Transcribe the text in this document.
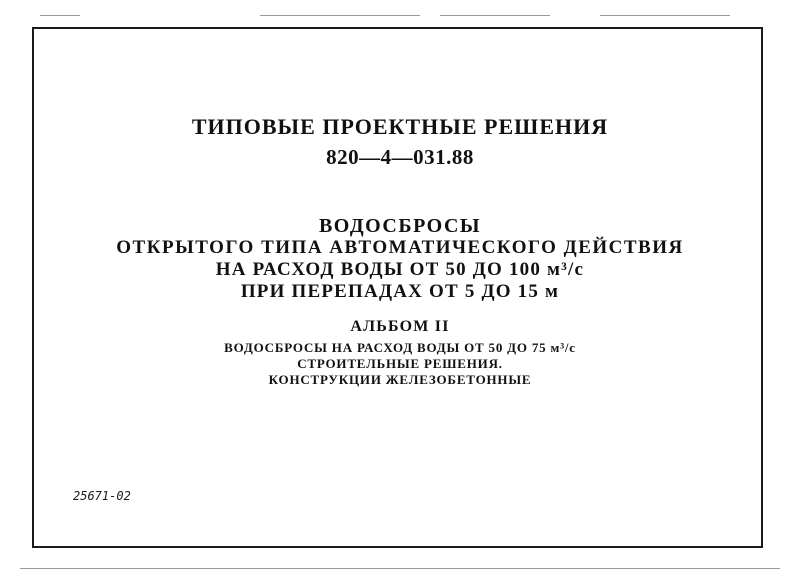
ТИПОВЫЕ ПРОЕКТНЫЕ РЕШЕНИЯ
820—4—031.88
ВОДОСБРОСЫ
ОТКРЫТОГО ТИПА АВТОМАТИЧЕСКОГО ДЕЙСТВИЯ
НА РАСХОД ВОДЫ ОТ 50 ДО 100 м³/с
ПРИ ПЕРЕПАДАХ ОТ 5 ДО 15 м
АЛЬБОМ II
ВОДОСБРОСЫ НА РАСХОД ВОДЫ ОТ 50 ДО 75 м³/с
СТРОИТЕЛЬНЫЕ РЕШЕНИЯ.
КОНСТРУКЦИИ ЖЕЛЕЗОБЕТОННЫЕ
25671-02
